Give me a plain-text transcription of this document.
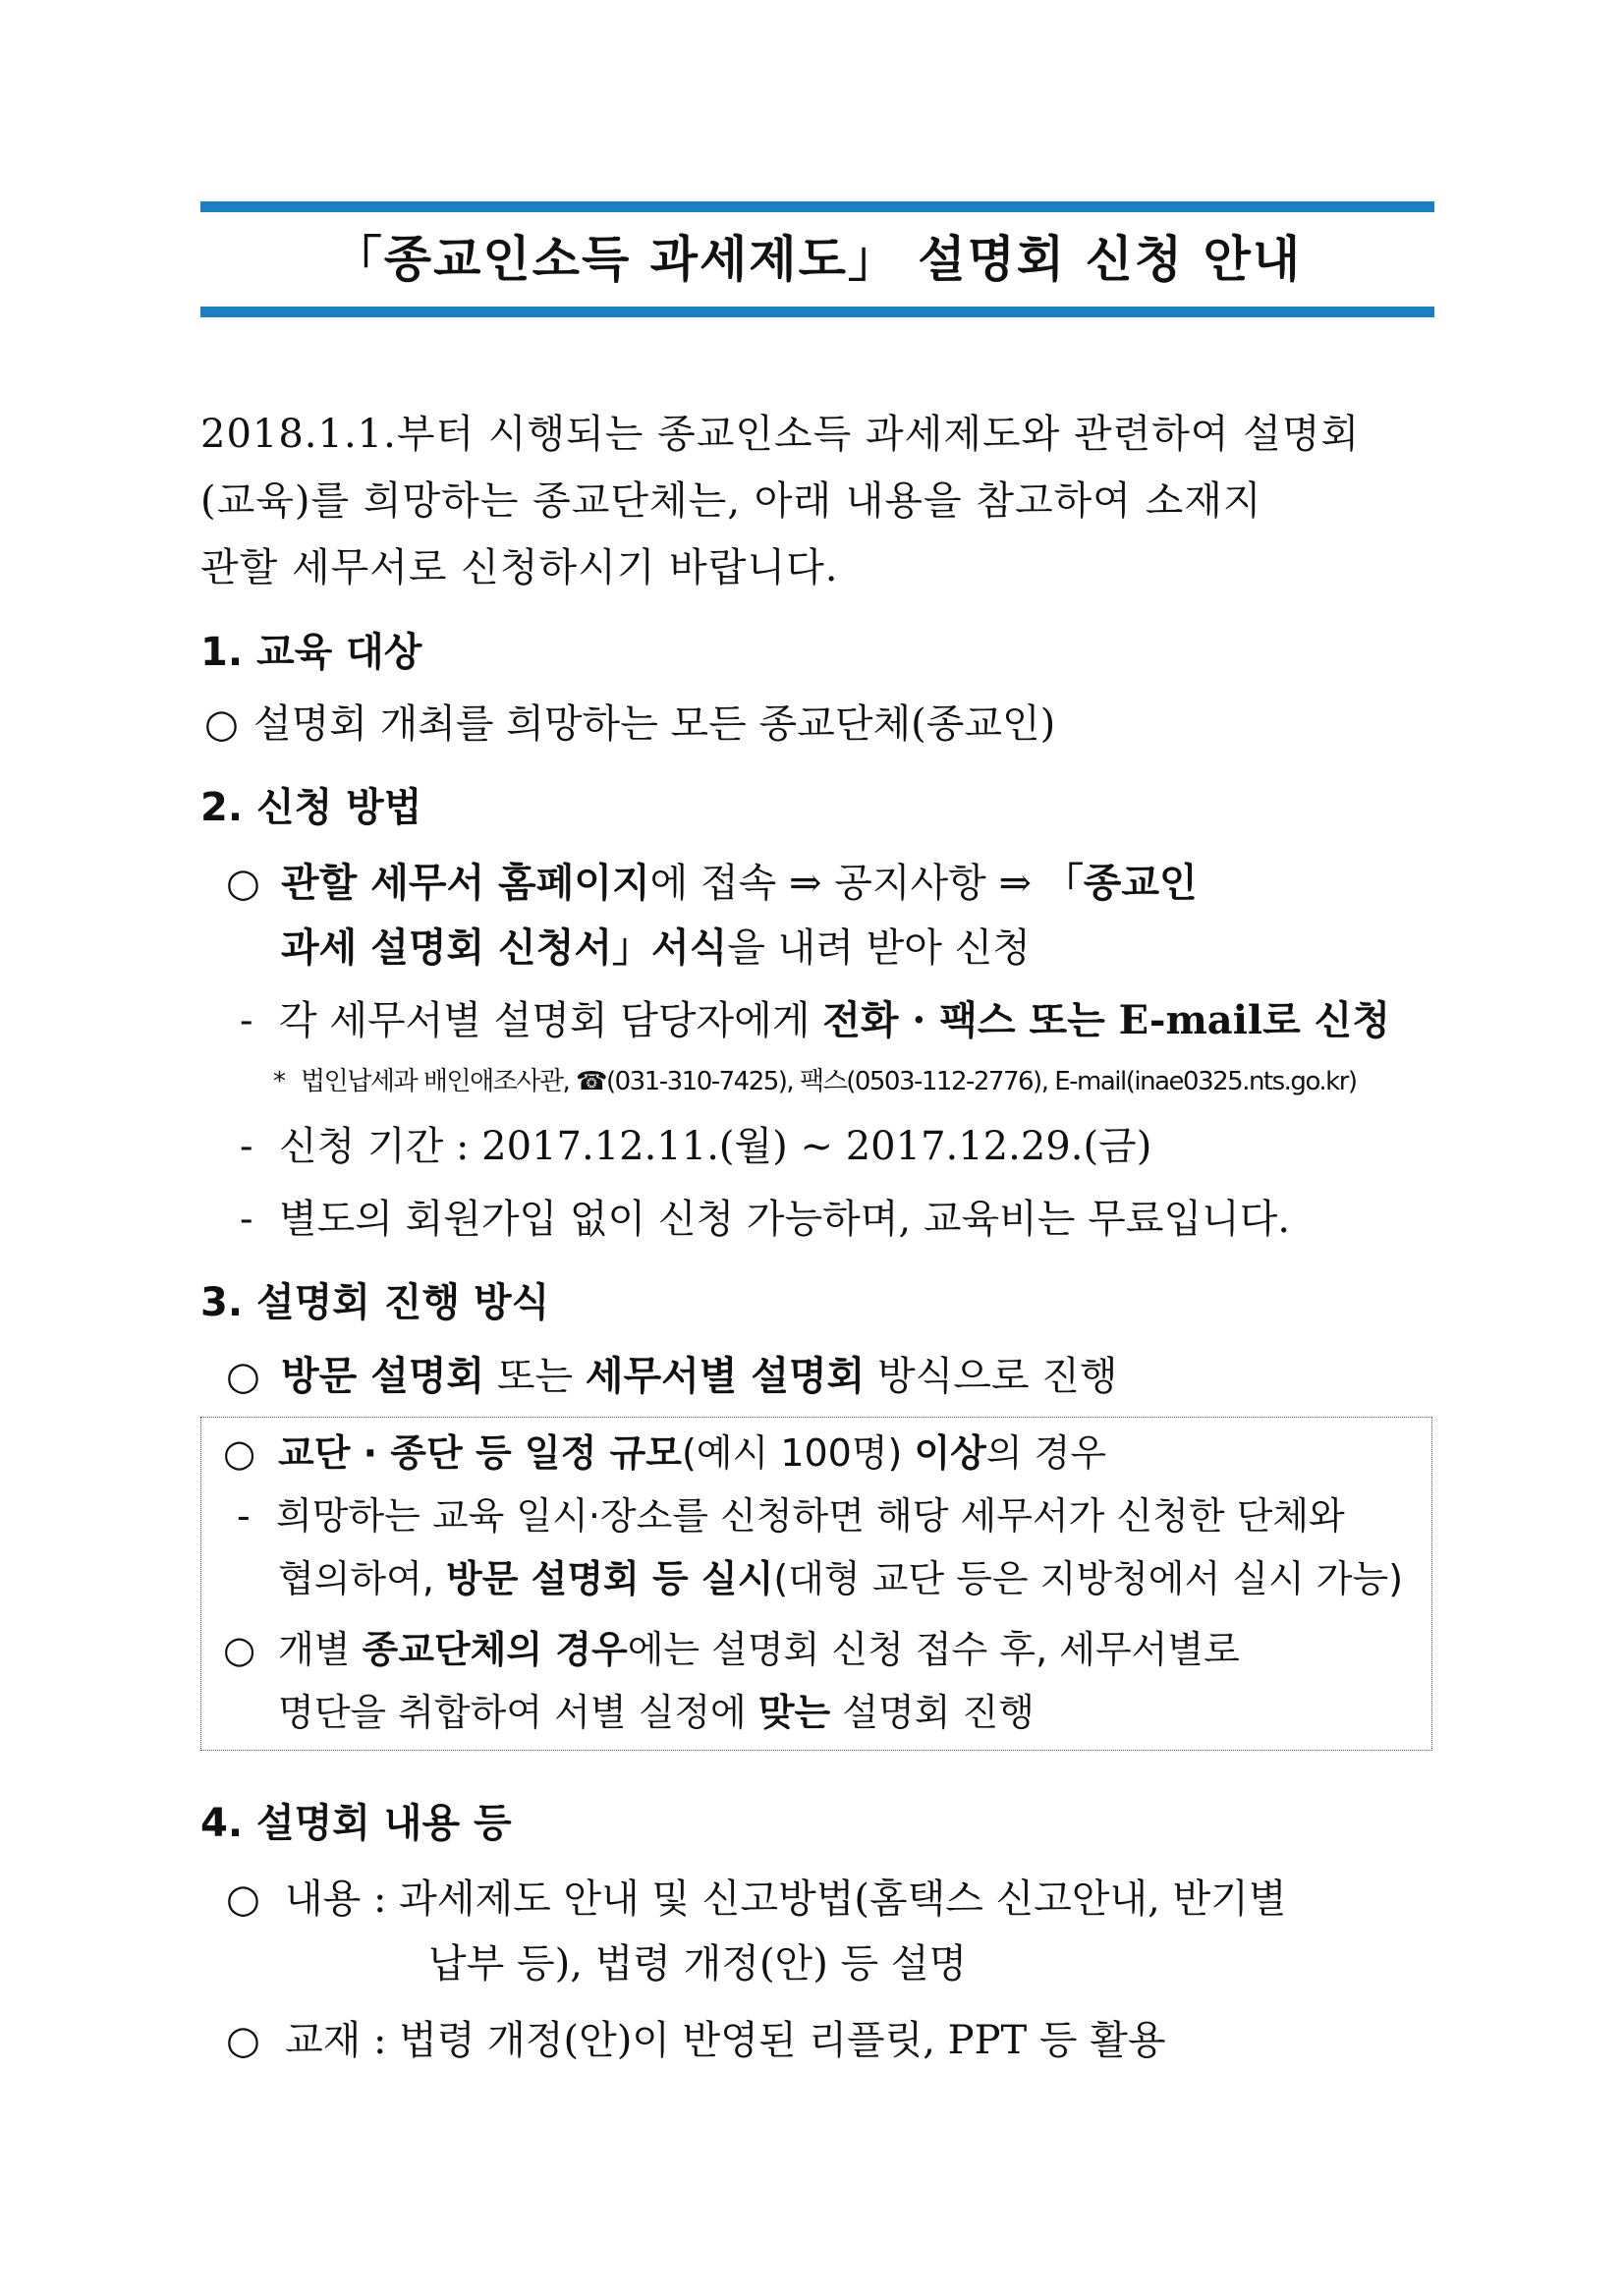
「종교인소득 과세제도」 설명회 신청 안내

2018.1.1.부터 시행되는 종교인소득 과세제도와 관련하여 설명회

(교육)를 희망하는 종교단체는, 아래 내용을 참고하여 소재지

관할 세무서로 신청하시기 바랍니다.

1. 교육 대상
○ 설명회 개최를 희망하는 모든 종교단체(종교인)
2. 신청 방법
○ 관할 세무서 홈페이지에 접속 ⇒ 공지사항 ⇒ 「종교인
과세 설명회 신청서」서식을 내려 받아 신청
- 각 세무서별 설명회 담당자에게 전화 · 팩스 또는 E-mail로 신청
* 법인납세과 배인애조사관, ☎(031-310-7425), 팩스(0503-112-2776), E-mail(inae0325.nts.go.kr)
- 신청 기간 : 2017.12.11.(월) ~ 2017.12.29.(금)
- 별도의 회원가입 없이 신청 가능하며, 교육비는 무료입니다.
3. 설명회 진행 방식
○ 방문 설명회 또는 세무서별 설명회 방식으로 진행
○ 교단 · 종단 등 일정 규모(예시 100명) 이상의 경우
- 희망하는 교육 일시·장소를 신청하면 해당 세무서가 신청한 단체와
협의하여, 방문 설명회 등 실시(대형 교단 등은 지방청에서 실시 가능)
○ 개별 종교단체의 경우에는 설명회 신청 접수 후, 세무서별로
명단을 취합하여 서별 실정에 맞는 설명회 진행
4. 설명회 내용 등
○ 내용 : 과세제도 안내 및 신고방법(홈택스 신고안내, 반기별
납부 등), 법령 개정(안) 등 설명
○ 교재 : 법령 개정(안)이 반영된 리플릿, PPT 등 활용
